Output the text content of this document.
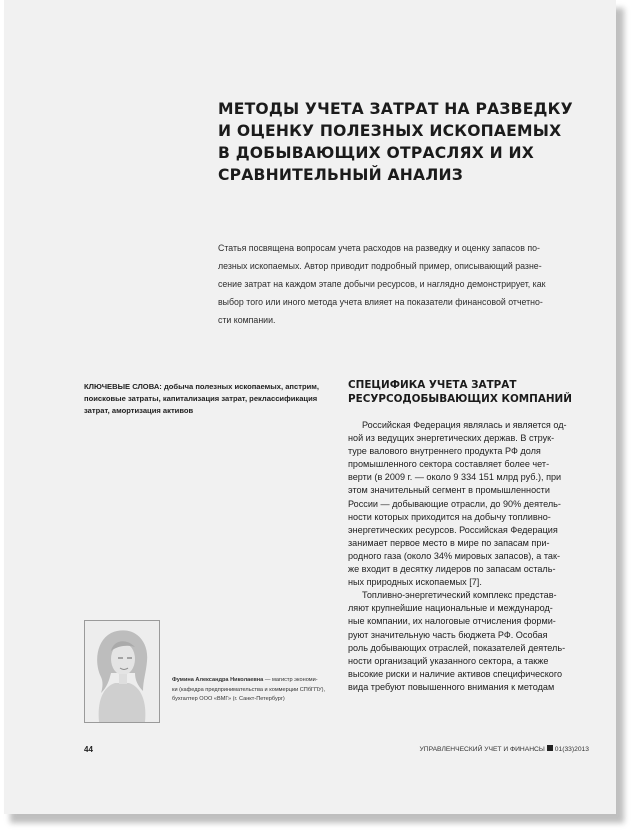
МЕТОДЫ УЧЕТА ЗАТРАТ НА РАЗВЕДКУ
И ОЦЕНКУ ПОЛЕЗНЫХ ИСКОПАЕМЫХ
В ДОБЫВАЮЩИХ ОТРАСЛЯХ И ИХ
СРАВНИТЕЛЬНЫЙ АНАЛИЗ
Статья посвящена вопросам учета расходов на разведку и оценку запасов по-
лезных ископаемых. Автор приводит подробный пример, описывающий разне-
сение затрат на каждом этапе добычи ресурсов, и наглядно демонстрирует, как
выбор того или иного метода учета влияет на показатели финансовой отчетно-
сти компании.
КЛЮЧЕВЫЕ СЛОВА: добыча полезных ископаемых, апстрим,
поисковые затраты, капитализация затрат, реклассификация
затрат, амортизация активов
СПЕЦИФИКА УЧЕТА ЗАТРАТ
РЕСУРСОДОБЫВАЮЩИХ КОМПАНИЙ
Российская Федерация являлась и является од-
ной из ведущих энергетических держав. В струк-
туре валового внутреннего продукта РФ доля
промышленного сектора составляет более чет-
верти (в 2009 г. — около 9 334 151 млрд руб.), при
этом значительный сегмент в промышленности
России — добывающие отрасли, до 90% деятель-
ности которых приходится на добычу топливно-
энергетических ресурсов. Российская Федерация
занимает первое место в мире по запасам при-
родного газа (около 34% мировых запасов), а так-
же входит в десятку лидеров по запасам осталь-
ных природных ископаемых [7].
Топливно-энергетический комплекс представ-
ляют крупнейшие национальные и международ-
ные компании, их налоговые отчисления форми-
руют значительную часть бюджета РФ. Особая
роль добывающих отраслей, показателей деятель-
ности организаций указанного сектора, а также
высокие риски и наличие активов специфического
вида требуют повышенного внимания к методам
Фумина Александра Николаевна — магистр экономи-
ки (кафедра предпринимательства и коммерции СПбГПУ),
бухгалтер ООО «ВМГ» (г. Санкт-Петербург)
44	УПРАВЛЕНЧЕСКИЙ УЧЕТ И ФИНАНСЫ 01(33)2013
